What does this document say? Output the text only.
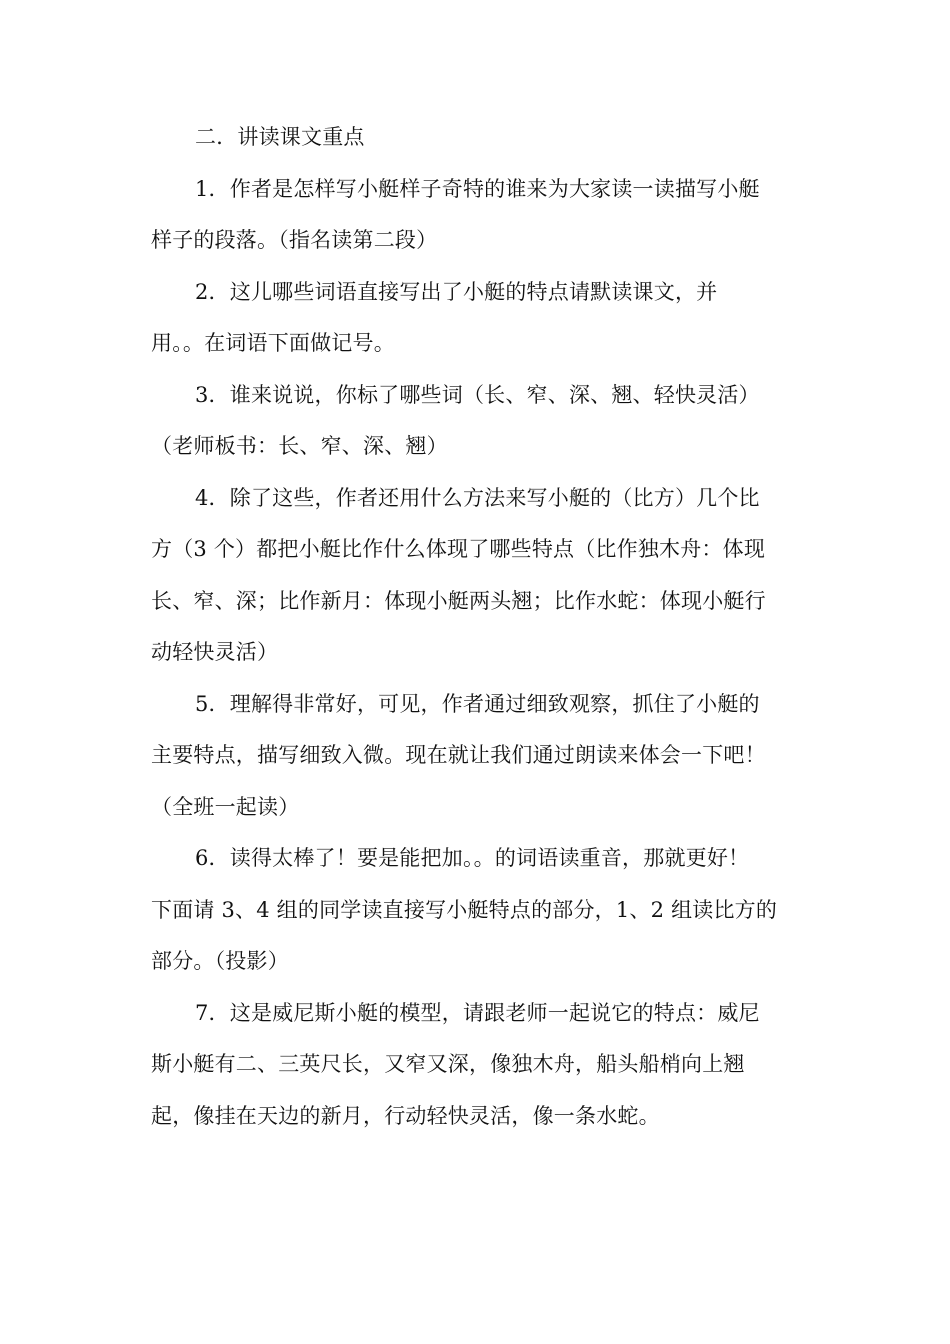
二．讲读课文重点

1．作者是怎样写小艇样子奇特的谁来为大家读一读描写小艇
样子的段落。（指名读第二段）
2．这儿哪些词语直接写出了小艇的特点请默读课文，并
用。。在词语下面做记号。
3．谁来说说，你标了哪些词（长、窄、深、翘、轻快灵活）
（老师板书：长、窄、深、翘）
4．除了这些，作者还用什么方法来写小艇的（比方）几个比
方（3 个）都把小艇比作什么体现了哪些特点（比作独木舟：体现
长、窄、深；比作新月：体现小艇两头翘；比作水蛇：体现小艇行
动轻快灵活）
5．理解得非常好，可见，作者通过细致观察，抓住了小艇的
主要特点，描写细致入微。现在就让我们通过朗读来体会一下吧！
（全班一起读）
6．读得太棒了！要是能把加。。的词语读重音，那就更好！
下面请 3、4 组的同学读直接写小艇特点的部分，1、2 组读比方的
部分。（投影）
7．这是威尼斯小艇的模型，请跟老师一起说它的特点：威尼
斯小艇有二、三英尺长，又窄又深，像独木舟，船头船梢向上翘
起，像挂在天边的新月，行动轻快灵活，像一条水蛇。
